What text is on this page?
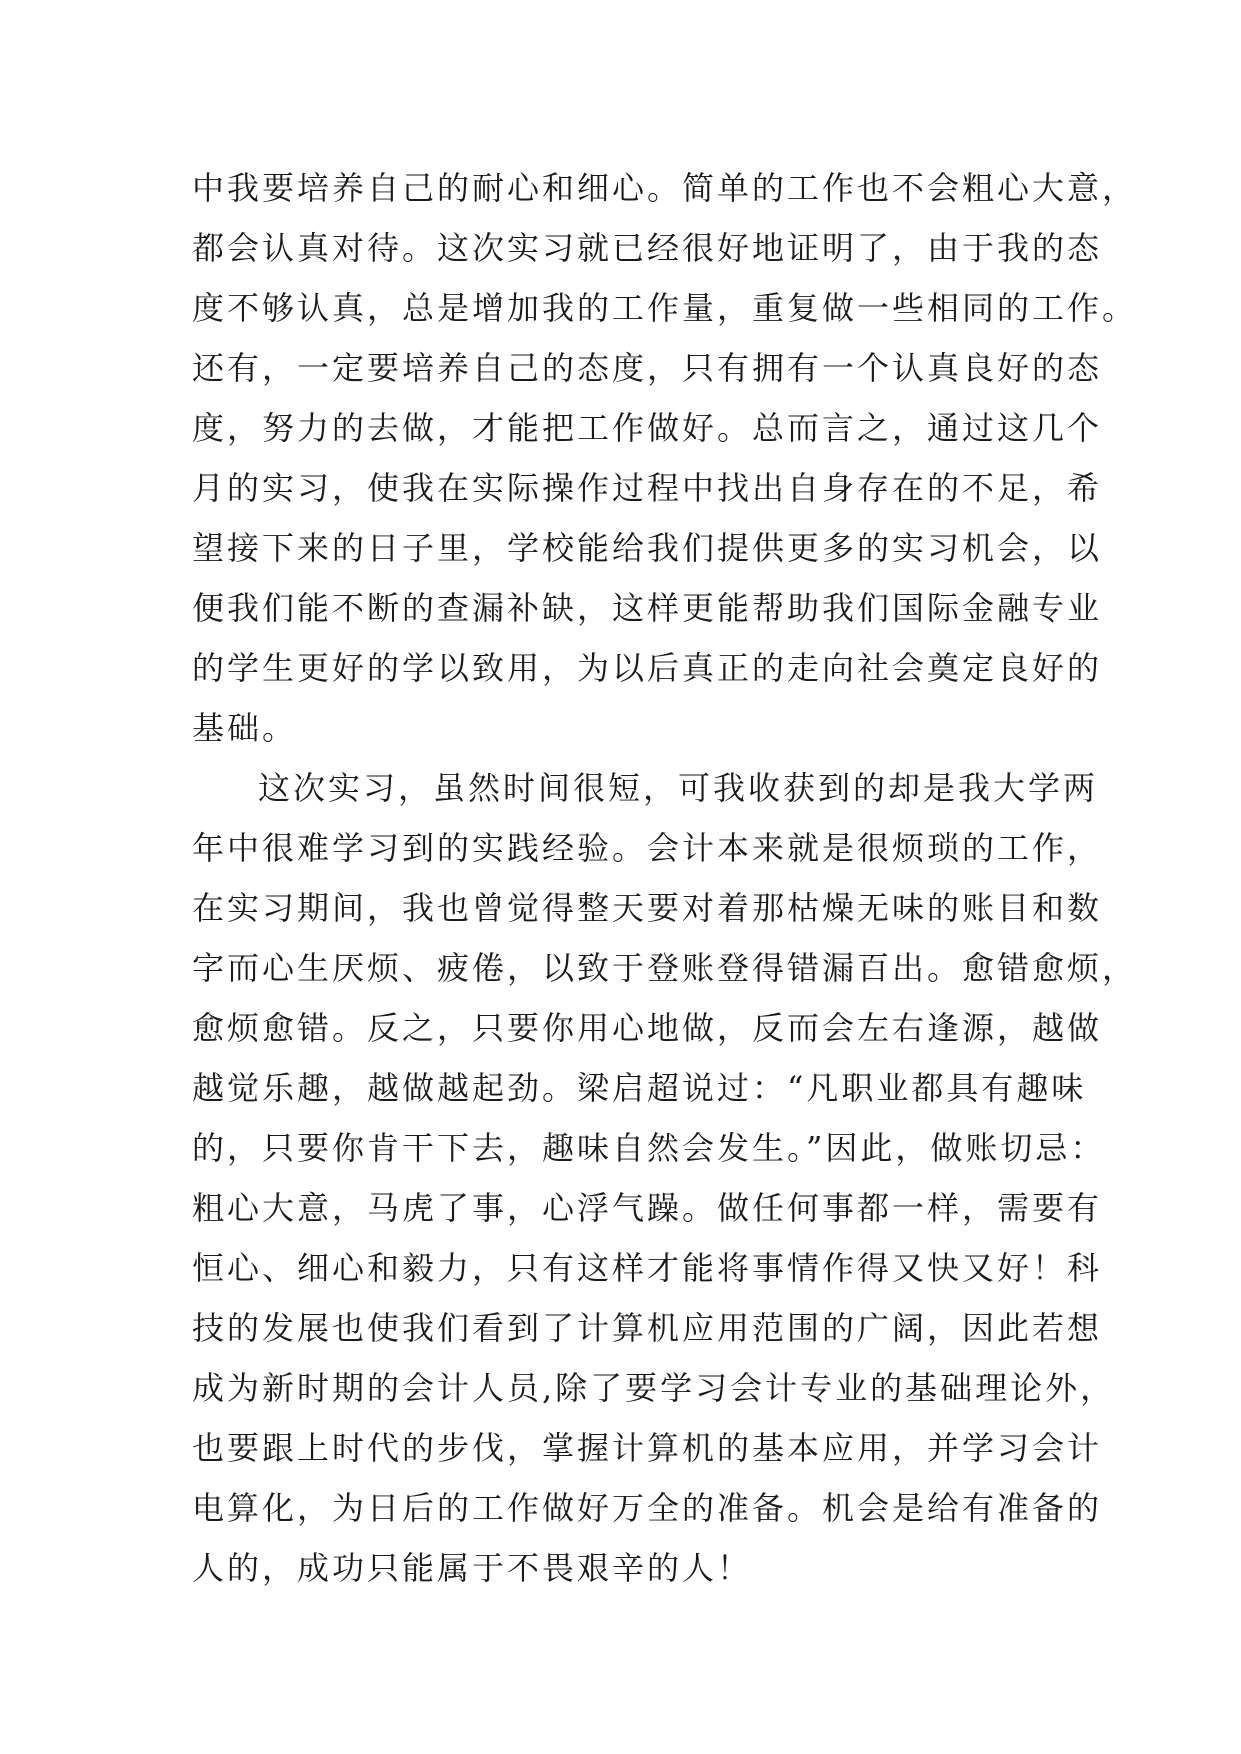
中我要培养自己的耐心和细心。简单的工作也不会粗心大意，
都会认真对待。这次实习就已经很好地证明了，由于我的态
度不够认真，总是增加我的工作量，重复做一些相同的工作。
还有，一定要培养自己的态度，只有拥有一个认真良好的态
度，努力的去做，才能把工作做好。总而言之，通过这几个
月的实习，使我在实际操作过程中找出自身存在的不足，希
望接下来的日子里，学校能给我们提供更多的实习机会，以
便我们能不断的查漏补缺，这样更能帮助我们国际金融专业
的学生更好的学以致用，为以后真正的走向社会奠定良好的
基础。
这次实习，虽然时间很短，可我收获到的却是我大学两
年中很难学习到的实践经验。会计本来就是很烦琐的工作，
在实习期间，我也曾觉得整天要对着那枯燥无味的账目和数
字而心生厌烦、疲倦，以致于登账登得错漏百出。愈错愈烦，
愈烦愈错。反之，只要你用心地做，反而会左右逢源，越做
越觉乐趣，越做越起劲。梁启超说过：“凡职业都具有趣味
的，只要你肯干下去，趣味自然会发生。”因此，做账切忌：
粗心大意，马虎了事，心浮气躁。做任何事都一样，需要有
恒心、细心和毅力，只有这样才能将事情作得又快又好！科
技的发展也使我们看到了计算机应用范围的广阔，因此若想
成为新时期的会计人员,除了要学习会计专业的基础理论外，
也要跟上时代的步伐，掌握计算机的基本应用，并学习会计
电算化，为日后的工作做好万全的准备。机会是给有准备的
人的，成功只能属于不畏艰辛的人！
